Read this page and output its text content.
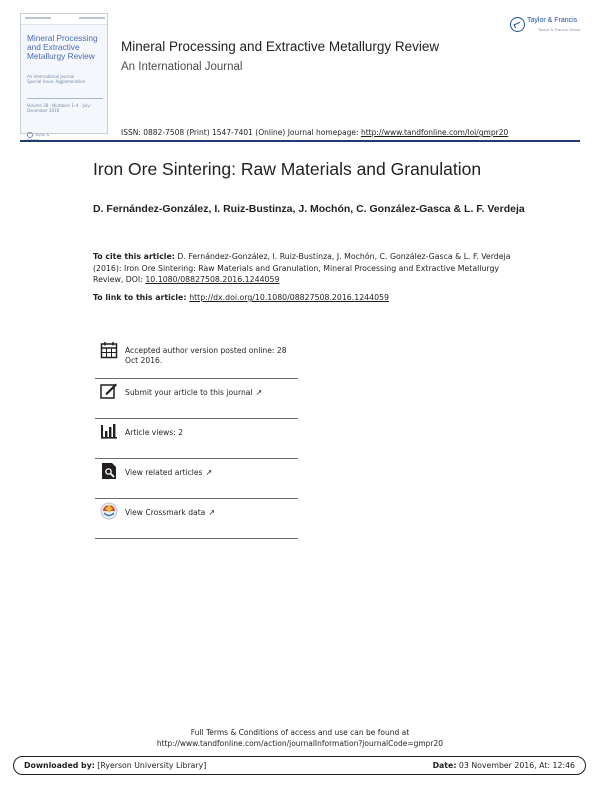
Mineral Processing and Extractive Metallurgy Review
An International Journal
Special Issue: Agglomeration
Volume 38 · Numbers 1–4 · July–December 2016
Taylor &
Mineral Processing and Extractive Metallurgy Review
An International Journal
Taylor & Francis
Taylor & Francis Group
ISSN: 0882-7508 (Print) 1547-7401 (Online) Journal homepage: http://www.tandfonline.com/loi/gmpr20
Iron Ore Sintering: Raw Materials and Granulation
D. Fernández-González, I. Ruiz-Bustinza, J. Mochón, C. González-Gasca & L. F. Verdeja
To cite this article: D. Fernández-González, I. Ruiz-Bustinza, J. Mochón, C. González-Gasca & L. F. Verdeja (2016): Iron Ore Sintering: Raw Materials and Granulation, Mineral Processing and Extractive Metallurgy Review, DOI: 10.1080/08827508.2016.1244059
To link to this article: http://dx.doi.org/10.1080/08827508.2016.1244059
Accepted author version posted online: 28 Oct 2016.
Submit your article to this journal ↗
Article views: 2
View related articles ↗
View Crossmark data ↗
Full Terms & Conditions of access and use can be found at
http://www.tandfonline.com/action/journalInformation?journalCode=gmpr20
Downloaded by: [Ryerson University Library]	Date: 03 November 2016, At: 12:46
